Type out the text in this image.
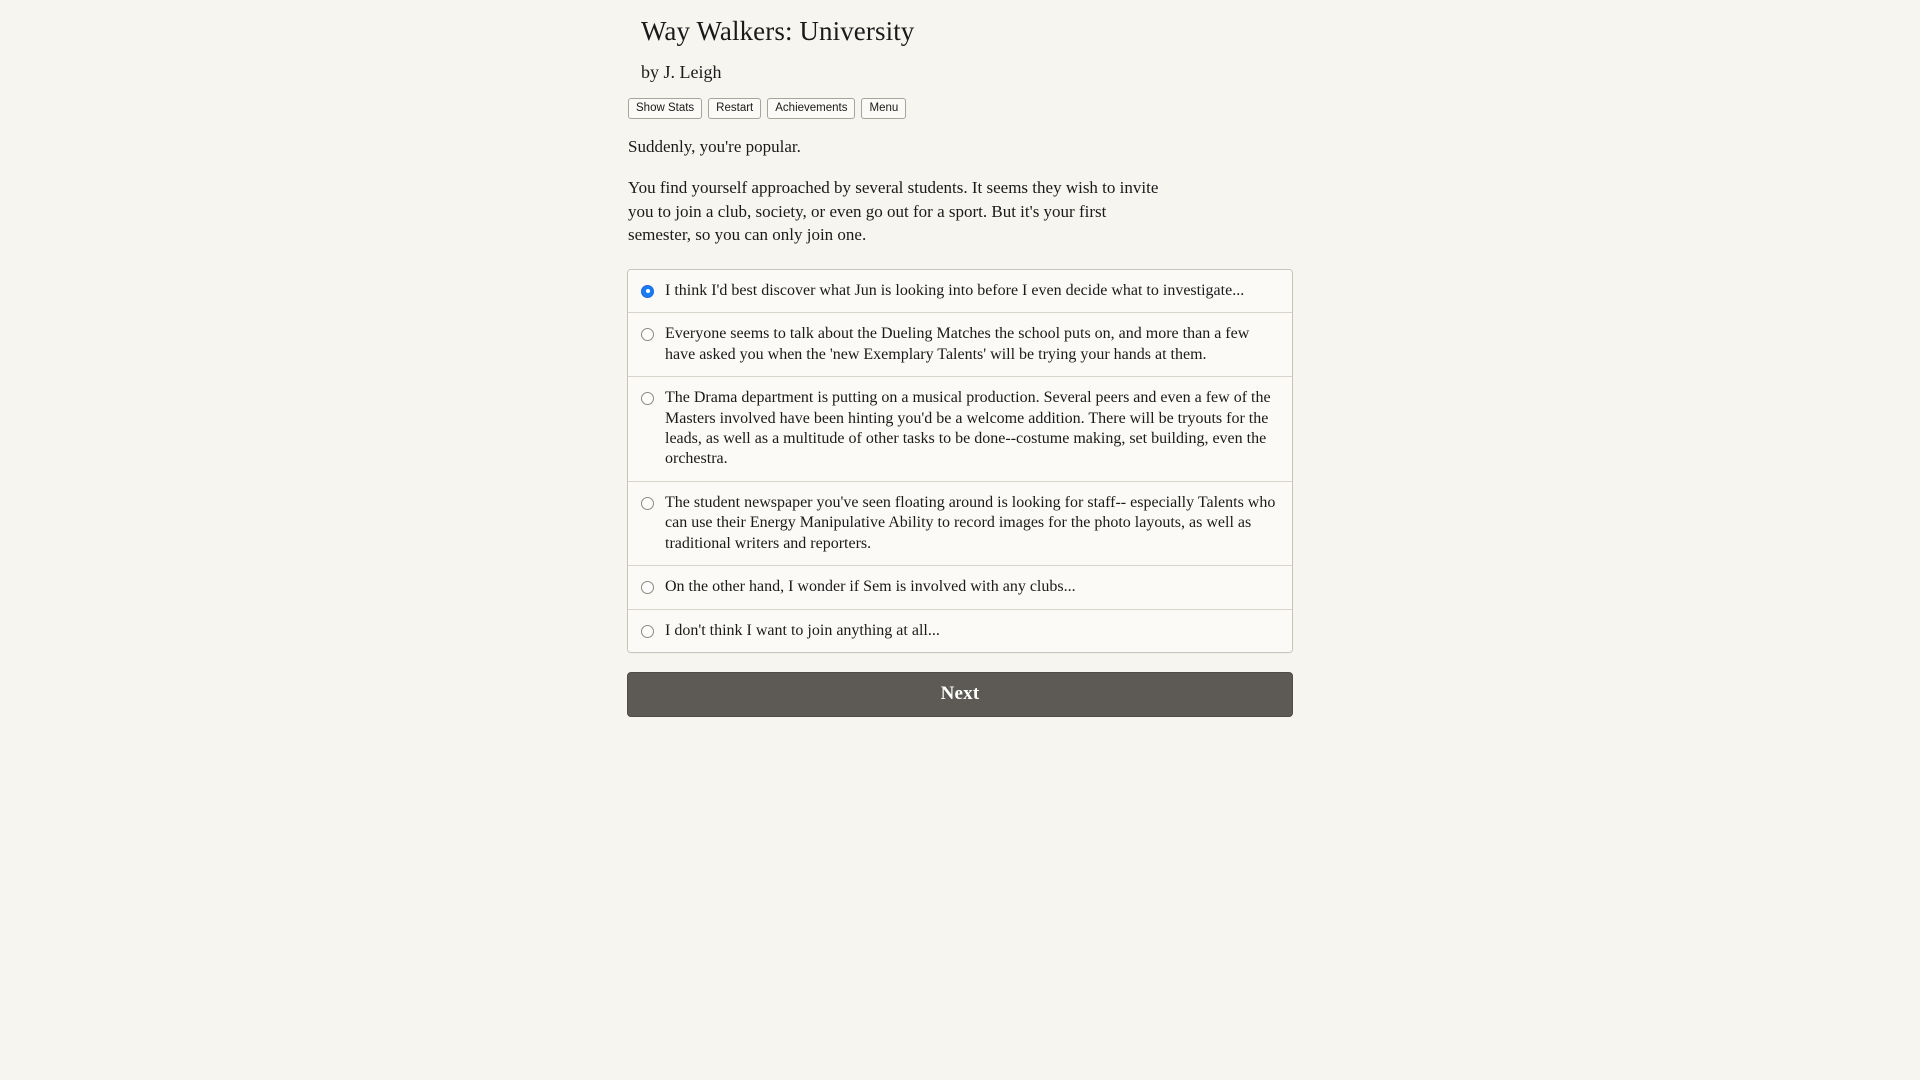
Way Walkers: University
by J. Leigh
Show Stats	Restart	Achievements	Menu
Suddenly, you're popular.
You find yourself approached by several students. It seems they wish to invite you to join a club, society, or even go out for a sport. But it's your first semester, so you can only join one.
I think I'd best discover what Jun is looking into before I even decide what to investigate...
Everyone seems to talk about the Dueling Matches the school puts on, and more than a few have asked you when the 'new Exemplary Talents' will be trying your hands at them.
The Drama department is putting on a musical production. Several peers and even a few of the Masters involved have been hinting you'd be a welcome addition. There will be tryouts for the leads, as well as a multitude of other tasks to be done--costume making, set building, even the orchestra.
The student newspaper you've seen floating around is looking for staff-- especially Talents who can use their Energy Manipulative Ability to record images for the photo layouts, as well as traditional writers and reporters.
On the other hand, I wonder if Sem is involved with any clubs...
I don't think I want to join anything at all...
Next
